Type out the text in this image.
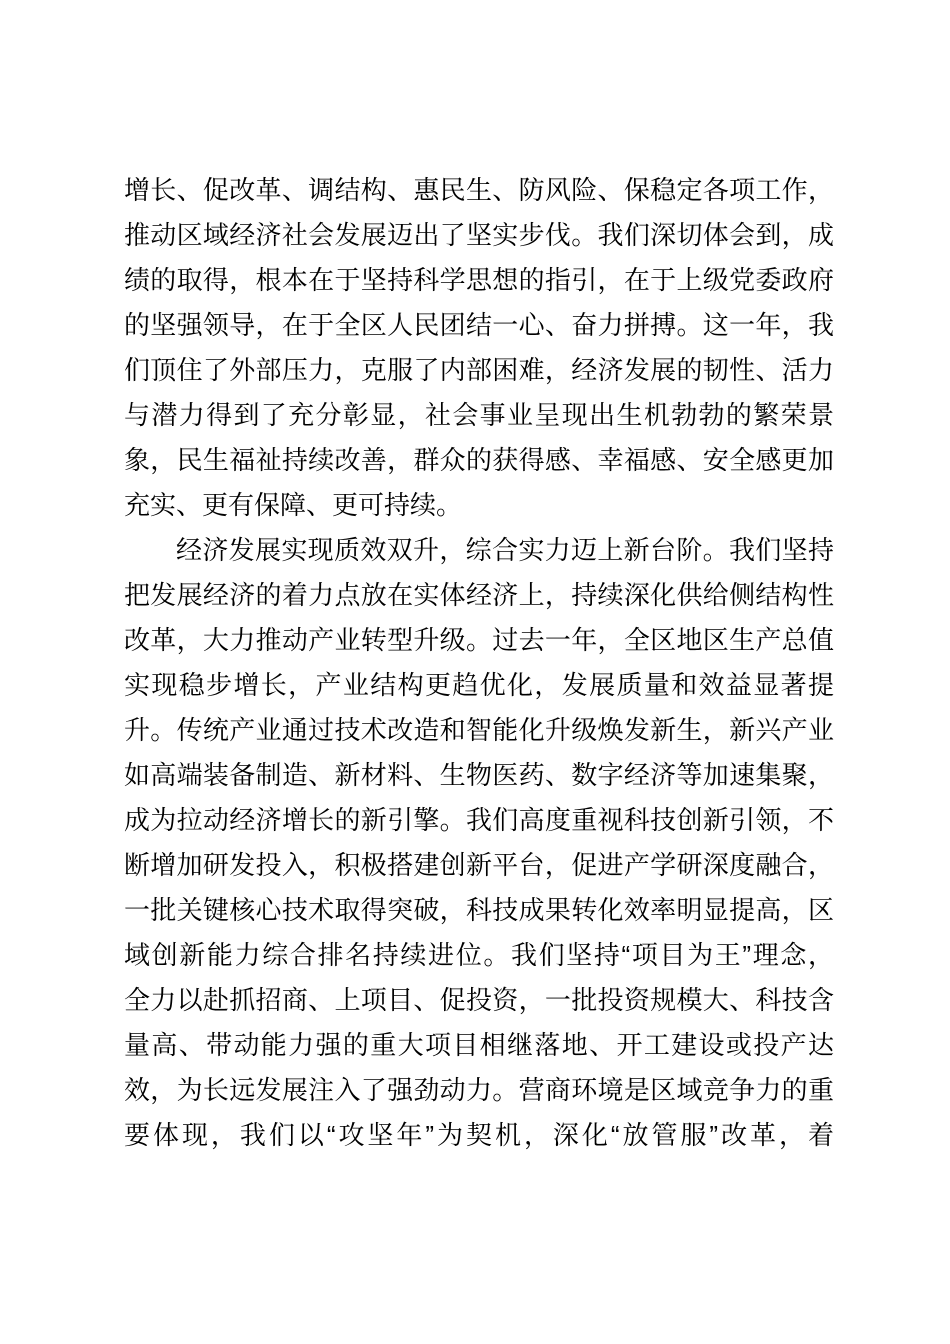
增长、促改革、调结构、惠民生、防风险、保稳定各项工作，
推动区域经济社会发展迈出了坚实步伐。我们深切体会到，成
绩的取得，根本在于坚持科学思想的指引，在于上级党委政府
的坚强领导，在于全区人民团结一心、奋力拼搏。这一年，我
们顶住了外部压力，克服了内部困难，经济发展的韧性、活力
与潜力得到了充分彰显，社会事业呈现出生机勃勃的繁荣景
象，民生福祉持续改善，群众的获得感、幸福感、安全感更加
充实、更有保障、更可持续。
经济发展实现质效双升，综合实力迈上新台阶。我们坚持
把发展经济的着力点放在实体经济上，持续深化供给侧结构性
改革，大力推动产业转型升级。过去一年，全区地区生产总值
实现稳步增长，产业结构更趋优化，发展质量和效益显著提
升。传统产业通过技术改造和智能化升级焕发新生，新兴产业
如高端装备制造、新材料、生物医药、数字经济等加速集聚，
成为拉动经济增长的新引擎。我们高度重视科技创新引领，不
断增加研发投入，积极搭建创新平台，促进产学研深度融合，
一批关键核心技术取得突破，科技成果转化效率明显提高，区
域创新能力综合排名持续进位。我们坚持“项目为王”理念，
全力以赴抓招商、上项目、促投资，一批投资规模大、科技含
量高、带动能力强的重大项目相继落地、开工建设或投产达
效，为长远发展注入了强劲动力。营商环境是区域竞争力的重
要体现，我们以“攻坚年”为契机，深化“放管服”改革，着
